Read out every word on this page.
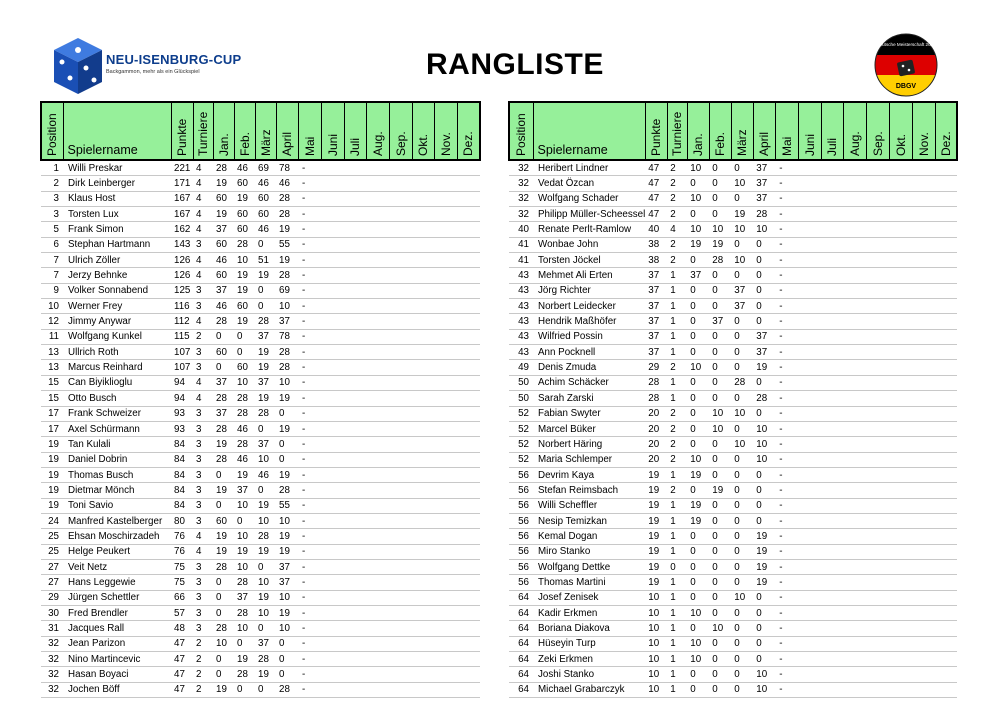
NEU-ISENBURG-CUP
Backgammon, mehr als ein Glückspiel	RANGLISTE
Deutsche Meisterschaft 2024
DBGV
Position	Spielername	Punkte	Turniere	Jan.	Feb.	März	April	Mai	Juni	Juli	Aug.	Sep.	Okt.	Nov.	Dez.

1	Willi Preskar	221	4	28	46	69	78	-							
2	Dirk Leinberger	171	4	19	60	46	46	-							
3	Klaus Host	167	4	60	19	60	28	-							
3	Torsten Lux	167	4	19	60	60	28	-							
5	Frank Simon	162	4	37	60	46	19	-							
6	Stephan Hartmann	143	3	60	28	0	55	-							
7	Ulrich Zöller	126	4	46	10	51	19	-							
7	Jerzy Behnke	126	4	60	19	19	28	-							
9	Volker Sonnabend	125	3	37	19	0	69	-							
10	Werner Frey	116	3	46	60	0	10	-							
12	Jimmy Anywar	112	4	28	19	28	37	-							
11	Wolfgang Kunkel	115	2	0	0	37	78	-							
13	Ullrich Roth	107	3	60	0	19	28	-							
13	Marcus Reinhard	107	3	0	60	19	28	-							
15	Can Biyiklioglu	94	4	37	10	37	10	-							
15	Otto Busch	94	4	28	28	19	19	-							
17	Frank Schweizer	93	3	37	28	28	0	-							
17	Axel Schürmann	93	3	28	46	0	19	-							
19	Tan Kulali	84	3	19	28	37	0	-							
19	Daniel Dobrin	84	3	28	46	10	0	-							
19	Thomas Busch	84	3	0	19	46	19	-							
19	Dietmar Mönch	84	3	19	37	0	28	-							
19	Toni Savio	84	3	0	10	19	55	-							
24	Manfred Kastelberger	80	3	60	0	10	10	-							
25	Ehsan Moschirzadeh	76	4	19	10	28	19	-							
25	Helge Peukert	76	4	19	19	19	19	-							
27	Veit Netz	75	3	28	10	0	37	-							
27	Hans Leggewie	75	3	0	28	10	37	-							
29	Jürgen Schettler	66	3	0	37	19	10	-							
30	Fred Brendler	57	3	0	28	10	19	-							
31	Jacques Rall	48	3	28	10	0	10	-							
32	Jean Parizon	47	2	10	0	37	0	-							
32	Nino Martincevic	47	2	0	19	28	0	-							
32	Hasan Boyaci	47	2	0	28	19	0	-							
32	Jochen Böff	47	2	19	0	0	28	-							
Position	Spielername	Punkte	Turniere	Jan.	Feb.	März	April	Mai	Juni	Juli	Aug.	Sep.	Okt.	Nov.	Dez.

32	Heribert Lindner	47	2	10	0	0	37	-							
32	Vedat Özcan	47	2	0	0	10	37	-							
32	Wolfgang Schader	47	2	10	0	0	37	-							
32	Philipp Müller-Scheessel	47	2	0	0	19	28	-							
40	Renate Perlt-Ramlow	40	4	10	10	10	10	-							
41	Wonbae John	38	2	19	19	0	0	-							
41	Torsten Jöckel	38	2	0	28	10	0	-							
43	Mehmet Ali Erten	37	1	37	0	0	0	-							
43	Jörg Richter	37	1	0	0	37	0	-							
43	Norbert Leidecker	37	1	0	0	37	0	-							
43	Hendrik Maßhöfer	37	1	0	37	0	0	-							
43	Wilfried Possin	37	1	0	0	0	37	-							
43	Ann Pocknell	37	1	0	0	0	37	-							
49	Denis Zmuda	29	2	10	0	0	19	-							
50	Achim Schäcker	28	1	0	0	28	0	-							
50	Sarah Zarski	28	1	0	0	0	28	-							
52	Fabian Swyter	20	2	0	10	10	0	-							
52	Marcel Büker	20	2	0	10	0	10	-							
52	Norbert Häring	20	2	0	0	10	10	-							
52	Maria Schlemper	20	2	10	0	0	10	-							
56	Devrim Kaya	19	1	19	0	0	0	-							
56	Stefan Reimsbach	19	2	0	19	0	0	-							
56	Willi Scheffler	19	1	19	0	0	0	-							
56	Nesip Temizkan	19	1	19	0	0	0	-							
56	Kemal Dogan	19	1	0	0	0	19	-							
56	Miro Stanko	19	1	0	0	0	19	-							
56	Wolfgang Dettke	19	0	0	0	0	19	-							
56	Thomas Martini	19	1	0	0	0	19	-							
64	Josef Zenisek	10	1	0	0	10	0	-							
64	Kadir Erkmen	10	1	10	0	0	0	-							
64	Boriana Diakova	10	1	0	10	0	0	-							
64	Hüseyin Turp	10	1	10	0	0	0	-							
64	Zeki Erkmen	10	1	10	0	0	0	-							
64	Joshi Stanko	10	1	0	0	0	10	-							
64	Michael Grabarczyk	10	1	0	0	0	10	-							
